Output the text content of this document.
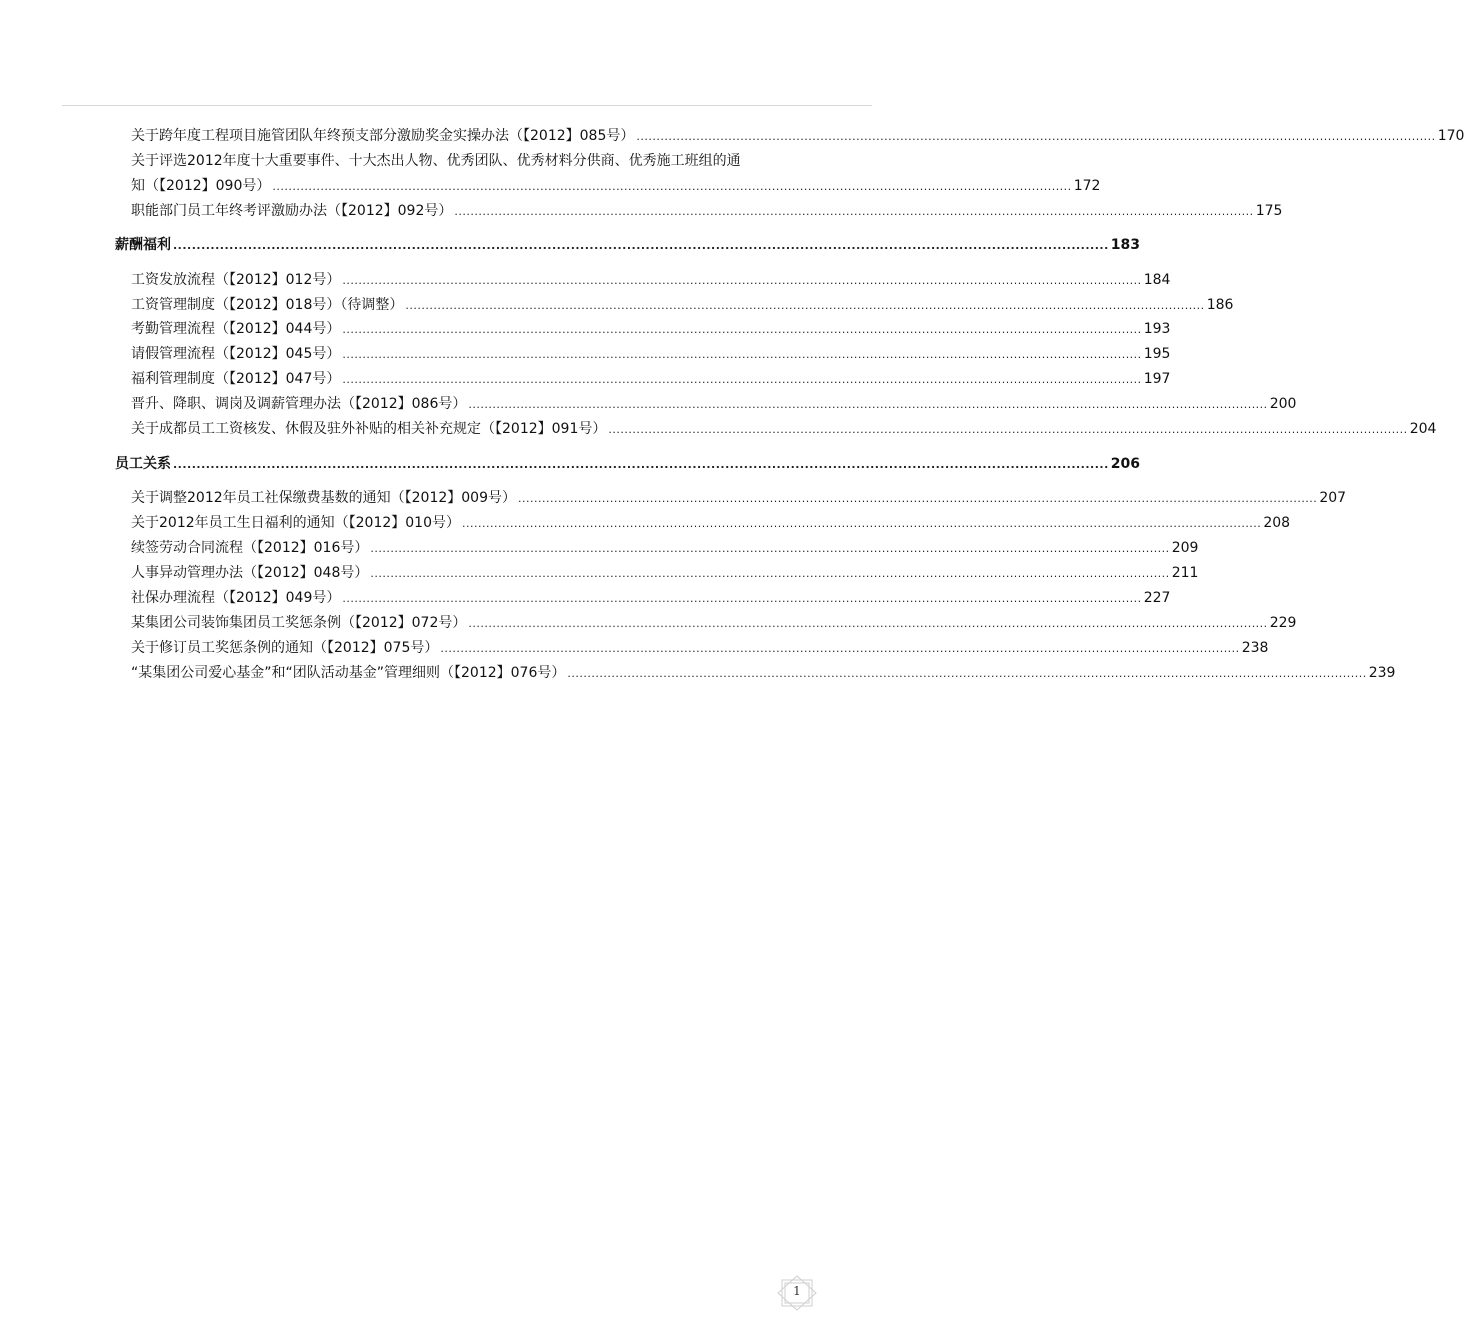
关于跨年度工程项目施管团队年终预支部分激励奖金实操办法（【2012】085号） ........................................................................................................................................................................................................ 170
关于评选2012年度十大重要事件、十大杰出人物、优秀团队、优秀材料分供商、优秀施工班组的通
知（【2012】090号） ........................................................................................................................................................................................................ 172
职能部门员工年终考评激励办法（【2012】092号） ........................................................................................................................................................................................................ 175
薪酬福利 ........................................................................................................................................................................................................ 183
工资发放流程（【2012】012号） ........................................................................................................................................................................................................ 184
工资管理制度（【2012】018号）（待调整） ........................................................................................................................................................................................................ 186
考勤管理流程（【2012】044号） ........................................................................................................................................................................................................ 193
请假管理流程（【2012】045号） ........................................................................................................................................................................................................ 195
福利管理制度（【2012】047号） ........................................................................................................................................................................................................ 197
晋升、降职、调岗及调薪管理办法（【2012】086号） ........................................................................................................................................................................................................ 200
关于成都员工工资核发、休假及驻外补贴的相关补充规定（【2012】091号） ........................................................................................................................................................................................................ 204
员工关系 ........................................................................................................................................................................................................ 206
关于调整2012年员工社保缴费基数的通知（【2012】009号） ........................................................................................................................................................................................................ 207
关于2012年员工生日福利的通知（【2012】010号） ........................................................................................................................................................................................................ 208
续签劳动合同流程（【2012】016号） ........................................................................................................................................................................................................ 209
人事异动管理办法（【2012】048号） ........................................................................................................................................................................................................ 211
社保办理流程（【2012】049号） ........................................................................................................................................................................................................ 227
某集团公司装饰集团员工奖惩条例（【2012】072号） ........................................................................................................................................................................................................ 229
关于修订员工奖惩条例的通知（【2012】075号） ........................................................................................................................................................................................................ 238
“某集团公司爱心基金”和“团队活动基金”管理细则（【2012】076号） ........................................................................................................................................................................................................ 239
1
